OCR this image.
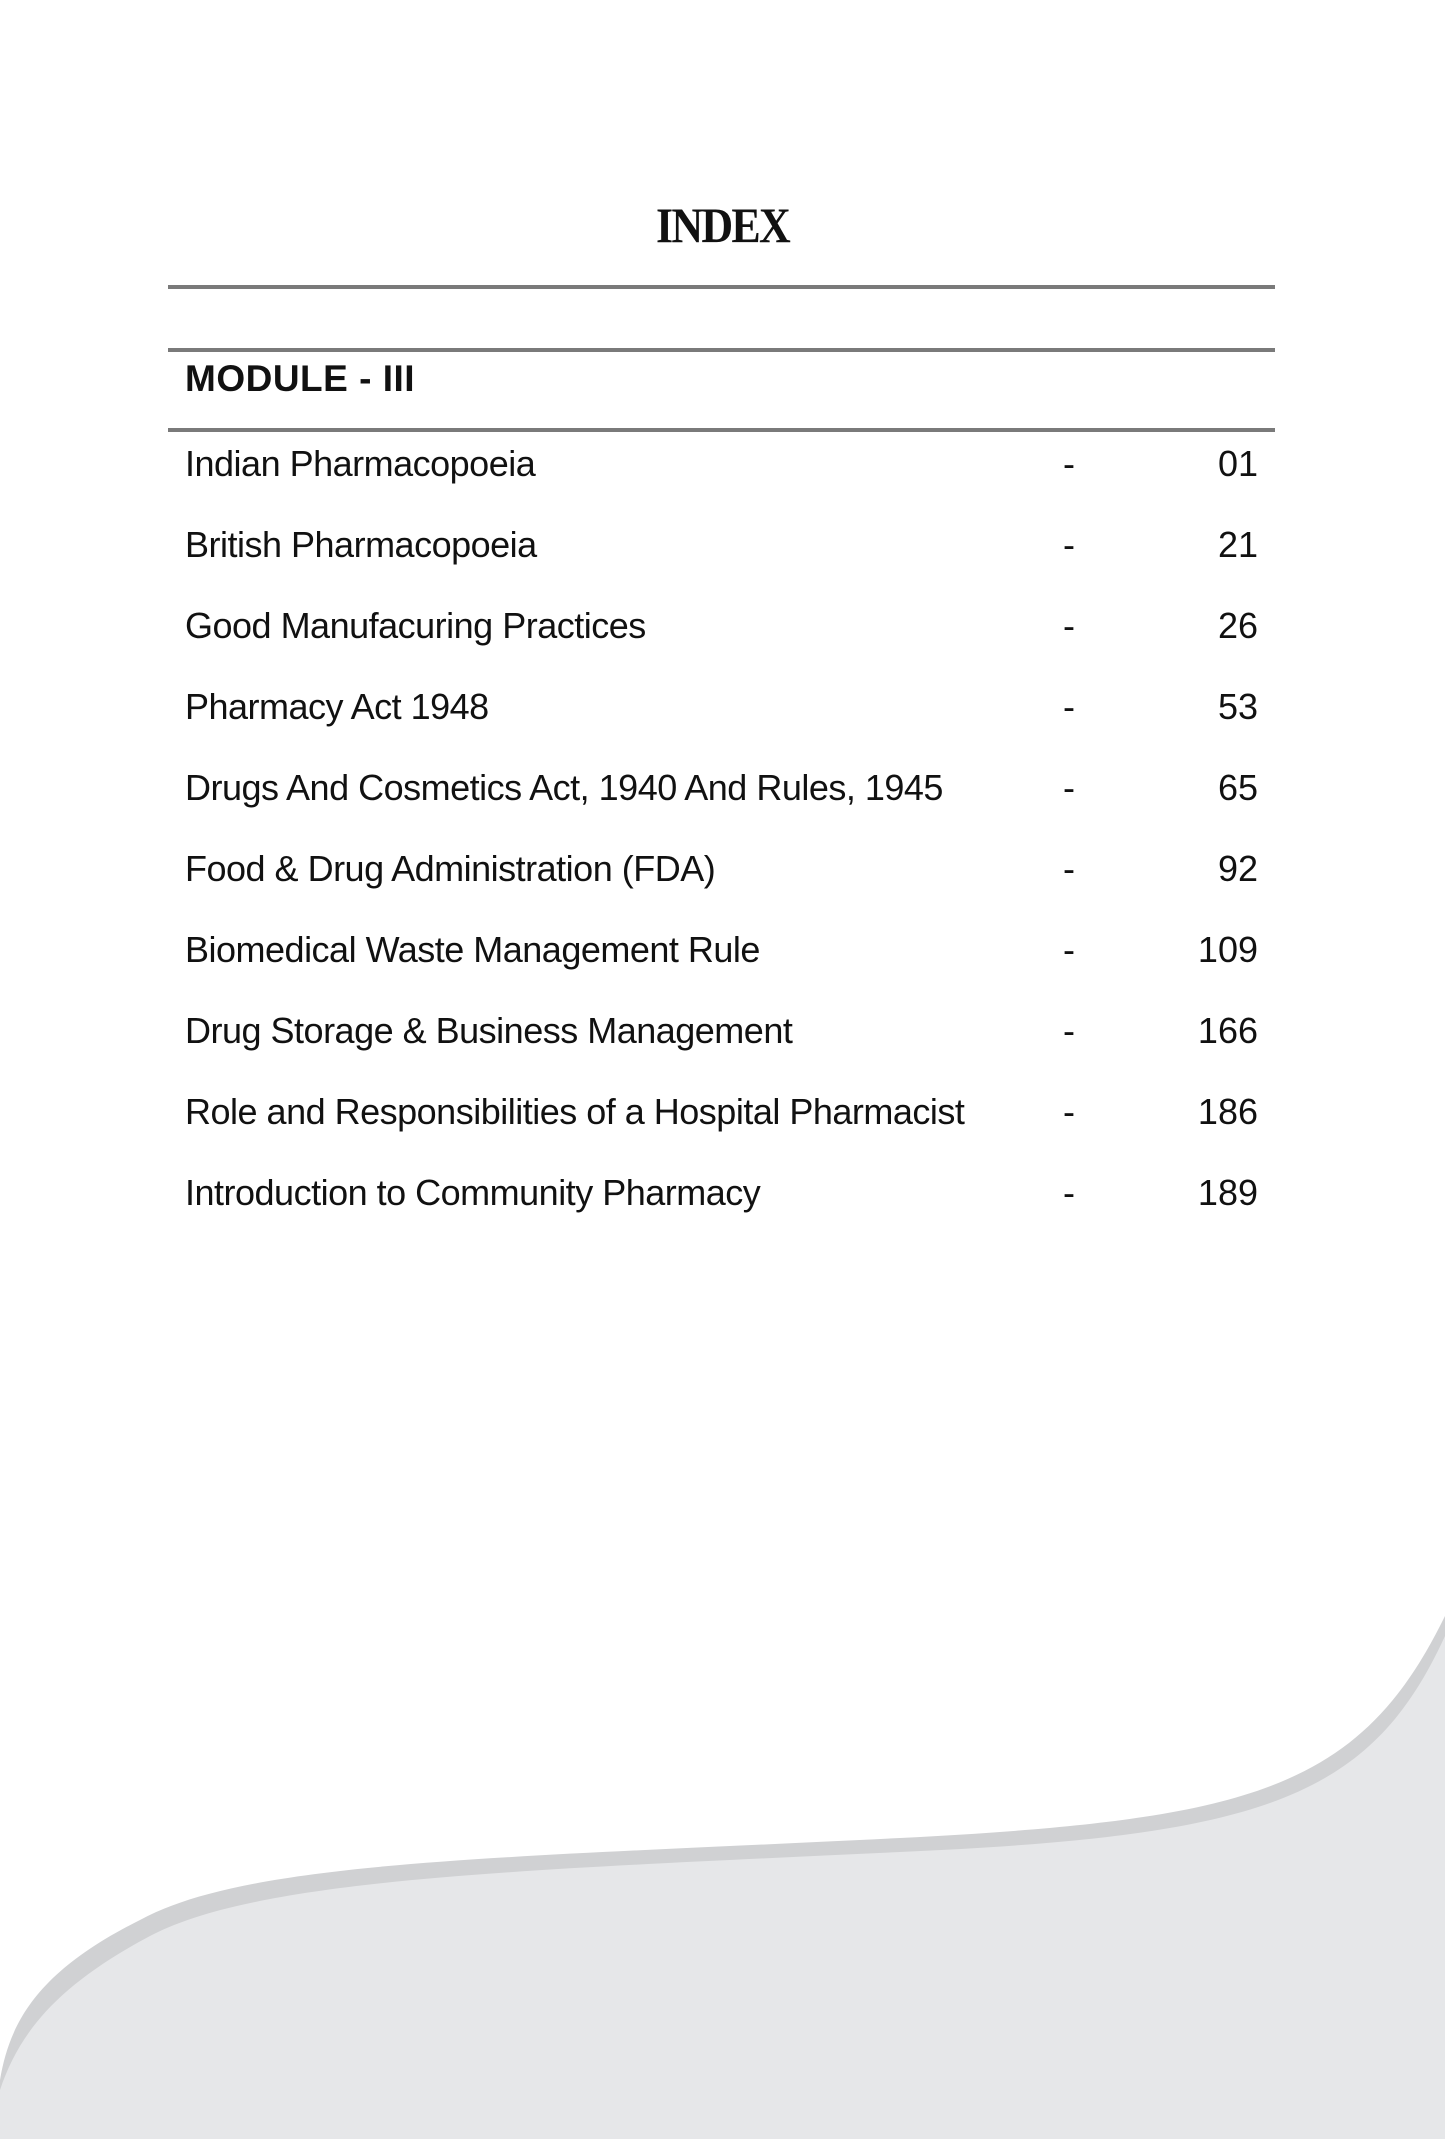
INDEX
MODULE - III
Indian Pharmacopoeia	-	01
British Pharmacopoeia	-	21
Good Manufacuring Practices	-	26
Pharmacy Act 1948	-	53
Drugs And Cosmetics Act, 1940 And Rules, 1945	-	65
Food & Drug Administration (FDA)	-	92
Biomedical Waste Management Rule	-	109
Drug Storage & Business Management	-	166
Role and Responsibilities of a Hospital Pharmacist	-	186
Introduction to Community Pharmacy	-	189
